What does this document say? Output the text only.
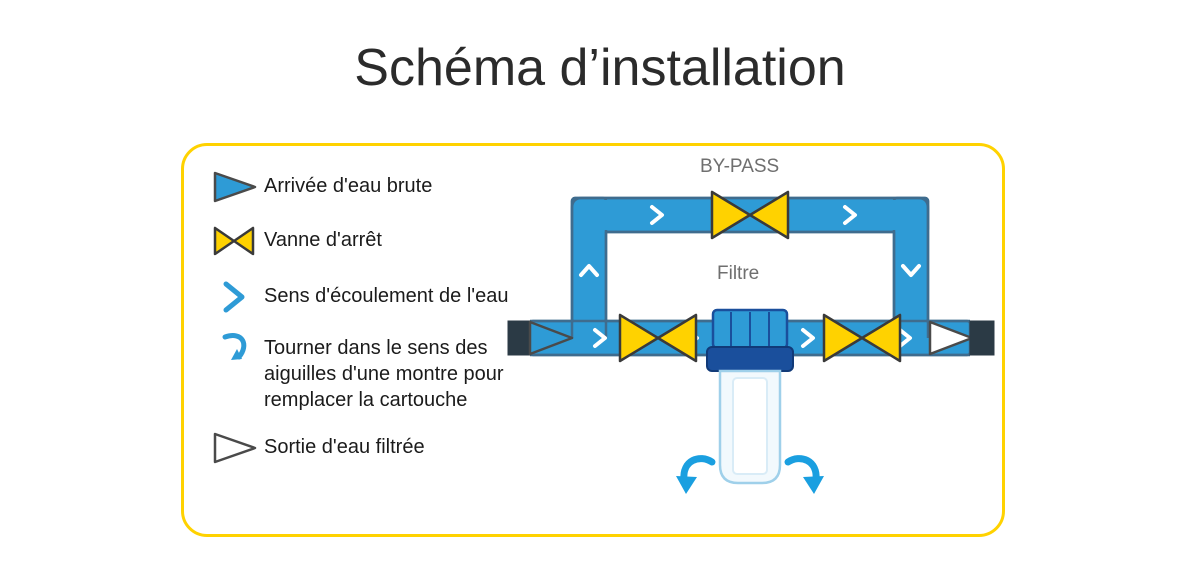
Schéma d’installation
Arrivée d'eau brute
Vanne d'arrêt
Sens d'écoulement de l'eau
Tourner dans le sens des aiguilles d'une montre pour remplacer la cartouche
Sortie d'eau filtrée
BY-PASS
Filtre
